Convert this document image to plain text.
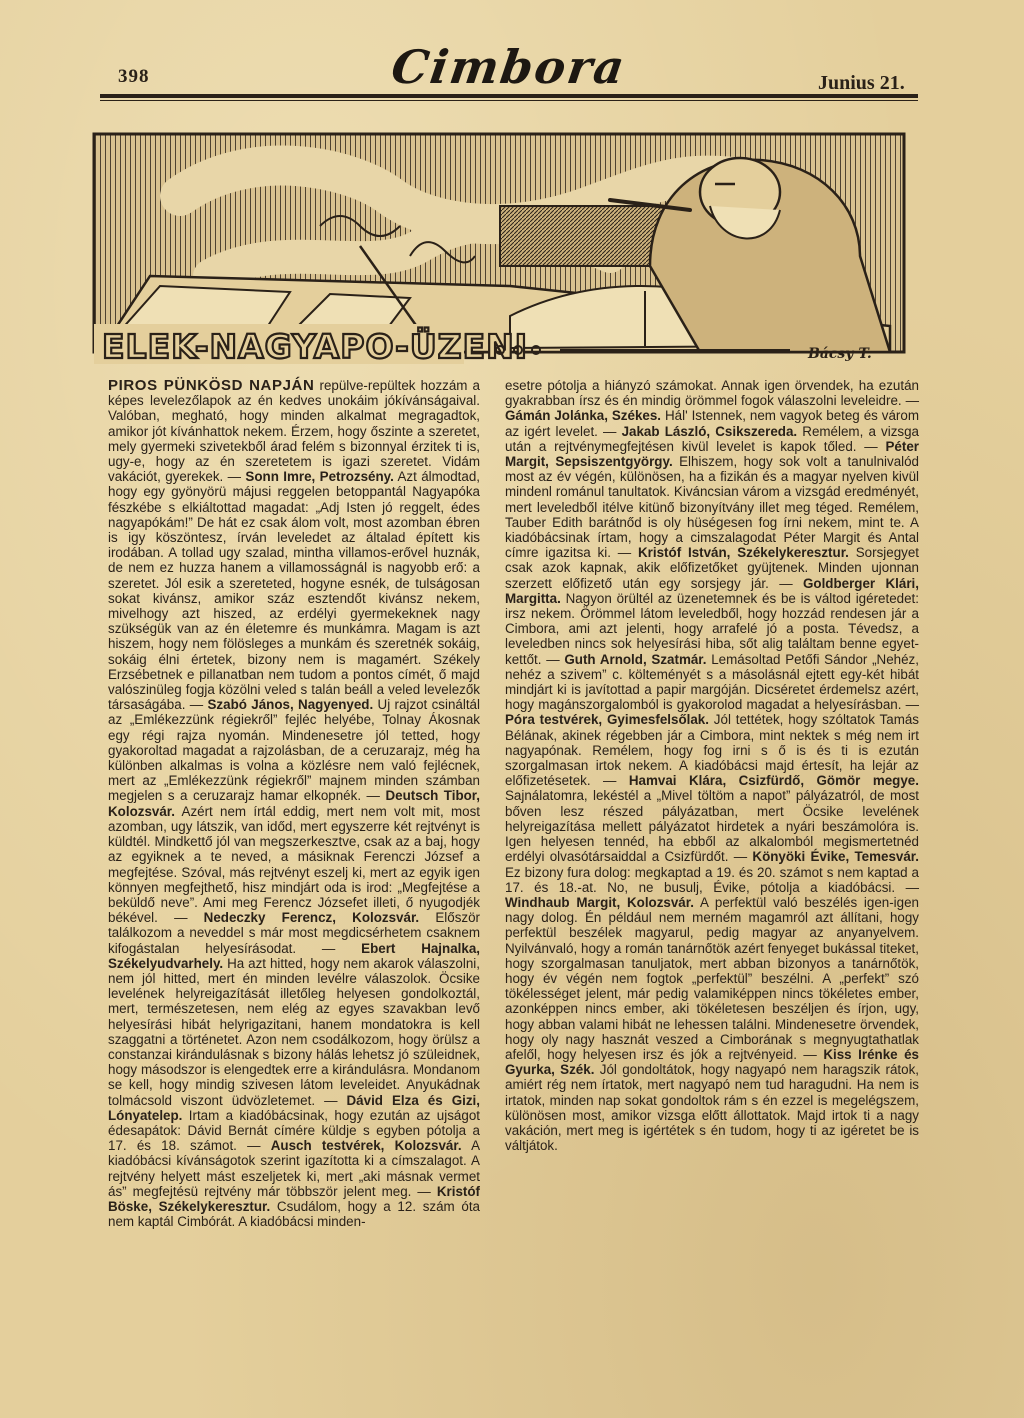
398	Cimbora	Junius 21.
ELEK-NAGYAPO-ÜZENI	Bácsy T.

PIROS PÜNKÖSD NAPJÁN repülve-repültek hozzám a képes levelezőlapok az én kedves unokáim jókívánságaival. Valóban, megható, hogy minden alkalmat megragadtok, amikor jót kívánhattok nekem. Érzem, hogy őszinte a szeretet, mely gyermeki szivetekből árad felém s bizonnyal érzitek ti is, ugy-e, hogy az én szeretetem is igazi szeretet. Vidám vakációt, gyerekek. — Sonn Imre, Petrozsény. Azt álmodtad, hogy egy gyönyörü májusi reggelen betoppantál Nagyapóka fészkébe s elkiáltottad magadat: „Adj Isten jó reggelt, édes nagyapókám!” De hát ez csak álom volt, most azomban ébren is igy köszöntesz, írván leveledet az általad épített kis irodában. A tollad ugy szalad, mintha villamos-erővel huznák, de nem ez huzza hanem a villamosságnál is nagyobb erő: a szeretet. Jól esik a szereteted, hogyne esnék, de tulságosan sokat kivánsz, amikor száz esztendőt kivánsz nekem, mivelhogy azt hiszed, az erdélyi gyermekeknek nagy szükségük van az én életemre és munkámra. Magam is azt hiszem, hogy nem fölösleges a munkám és szeretnék sokáig, sokáig élni értetek, bizony nem is magamért. Székely Erzsébetnek e pillanatban nem tudom a pontos címét, ő majd valószinüleg fogja közölni veled s talán beáll a veled levelezők társaságába. — Szabó János, Nagyenyed. Uj rajzot csináltál az „Emlékezzünk régiekről” fejléc helyébe, Tolnay Ákosnak egy régi rajza nyomán. Mindenesetre jól tetted, hogy gyakoroltad magadat a rajzolásban, de a ceruzarajz, még ha különben alkalmas is volna a közlésre nem való fejlécnek, mert az „Emlékezzünk régiekről” majnem minden számban megjelen s a ceruzarajz hamar elkopnék. — Deutsch Tibor, Kolozsvár. Azért nem írtál eddig, mert nem volt mit, most azomban, ugy látszik, van időd, mert egyszerre két rejtvényt is küldtél. Mindkettő jól van megszerkesztve, csak az a baj, hogy az egyiknek a te neved, a másiknak Ferenczi József a megfejtése. Szóval, más rejtvényt eszelj ki, mert az egyik igen könnyen megfejthető, hisz mindjárt oda is irod: „Megfejtése a beküldő neve”. Ami meg Ferencz Józsefet illeti, ő nyugodjék békével. — Nedeczky Ferencz, Kolozsvár. Először találkozom a neveddel s már most megdicsérhetem csaknem kifogástalan helyesírásodat. — Ebert Hajnalka, Székelyudvarhely. Ha azt hitted, hogy nem akarok válaszolni, nem jól hitted, mert én minden levélre válaszolok. Öcsike levelének helyreigazítását illetőleg helyesen gondolkoztál, mert, természetesen, nem elég az egyes szavakban levő helyesírási hibát helyrigazitani, hanem mondatokra is kell szaggatni a történetet. Azon nem csodálkozom, hogy örülsz a constanzai kirándulásnak s bizony hálás lehetsz jó szüleidnek, hogy másodszor is elengedtek erre a kirándulásra. Mondanom se kell, hogy mindig szivesen látom leveleidet. Anyukádnak tolmácsold viszont üdvözletemet. — Dávid Elza és Gizi, Lónyatelep. Irtam a kiadóbácsinak, hogy ezután az ujságot édesapátok: Dávid Bernát címére küldje s egyben pótolja a 17. és 18. számot. — Ausch testvérek, Kolozsvár. A kiadóbácsi kívánságotok szerint igazította ki a címszalagot. A rejtvény helyett mást eszeljetek ki, mert „aki másnak vermet ás” megfejtésü rejtvény már többször jelent meg. — Kristóf Böske, Székelykeresztur. Csudálom, hogy a 12. szám óta nem kaptál Cimbórát. A kiadóbácsi minden-

esetre pótolja a hiányzó számokat. Annak igen örvendek, ha ezután gyakrabban írsz és én mindig örömmel fogok válaszolni leveleidre. — Gámán Jolánka, Székes. Hál' Istennek, nem vagyok beteg és várom az igért levelet. — Jakab László, Csikszereda. Remélem, a vizsga után a rejtvénymegfejtésen kivül levelet is kapok tőled. — Péter Margit, Sepsiszentgyörgy. Elhiszem, hogy sok volt a tanulnivalód most az év végén, különösen, ha a fizikán és a magyar nyelven kivül mindenl románul tanultatok. Kiváncsian várom a vizsgád eredményét, mert leveledből itélve kitünő bizonyítvány illet meg téged. Remélem, Tauber Edith barátnőd is oly hüségesen fog írni nekem, mint te. A kiadóbácsinak írtam, hogy a cimszalagodat Péter Margit és Antal címre igazitsa ki. — Kristóf István, Székelykeresztur. Sorsjegyet csak azok kapnak, akik előfizetőket gyüjtenek. Minden ujonnan szerzett előfizető után egy sorsjegy jár. — Goldberger Klári, Margitta. Nagyon örültél az üzenetemnek és be is váltod igéretedet: irsz nekem. Örömmel látom leveledből, hogy hozzád rendesen jár a Cimbora, ami azt jelenti, hogy arrafelé jó a posta. Tévedsz, a leveledben nincs sok helyesírási hiba, sőt alig találtam benne egyet-kettőt. — Guth Arnold, Szatmár. Lemásoltad Petőfi Sándor „Nehéz, nehéz a szivem” c. költeményét s a másolásnál ejtett egy-két hibát mindjárt ki is javítottad a papir margóján. Dicséretet érdemelsz azért, hogy magánszorgalomból is gyakorolod magadat a helyesírásban. — Póra testvérek, Gyimesfelsőlak. Jól tettétek, hogy szóltatok Tamás Bélának, akinek régebben jár a Cimbora, mint nektek s még nem irt nagyapónak. Remélem, hogy fog irni s ő is és ti is ezután szorgalmasan irtok nekem. A kiadóbácsi majd értesít, ha lejár az előfizetésetek. — Hamvai Klára, Csizfürdő, Gömör megye. Sajnálatomra, lekéstél a „Mivel töltöm a napot” pályázatról, de most bőven lesz részed pályázatban, mert Öcsike levelének helyreigazítása mellett pályázatot hirdetek a nyári beszámolóra is. Igen helyesen tennéd, ha ebből az alkalomból megismertetnéd erdélyi olvasótársaiddal a Csizfürdőt. — Könyöki Évike, Temesvár. Ez bizony fura dolog: megkaptad a 19. és 20. számot s nem kaptad a 17. és 18.-at. No, ne busulj, Évike, pótolja a kiadóbácsi. — Windhaub Margit, Kolozsvár. A perfektül való beszélés igen-igen nagy dolog. Én például nem merném magamról azt állítani, hogy perfektül beszélek magyarul, pedig magyar az anyanyelvem. Nyilvánvaló, hogy a román tanárnőtök azért fenyeget bukással titeket, hogy szorgalmasan tanuljatok, mert abban bizonyos a tanárnőtök, hogy év végén nem fogtok „perfektül” beszélni. A „perfekt” szó tökélességet jelent, már pedig valamiképpen nincs tökéletes ember, azonképpen nincs ember, aki tökéletesen beszéljen és írjon, ugy, hogy abban valami hibát ne lehessen találni. Mindenesetre örvendek, hogy oly nagy hasznát veszed a Cimborának s megnyugtathatlak afelől, hogy helyesen irsz és jók a rejtvényeid. — Kiss Irénke és Gyurka, Szék. Jól gondoltátok, hogy nagyapó nem haragszik rátok, amiért rég nem írtatok, mert nagyapó nem tud haragudni. Ha nem is irtatok, minden nap sokat gondoltok rám s én ezzel is megelégszem, különösen most, amikor vizsga előtt állottatok. Majd irtok ti a nagy vakáción, mert meg is igértétek s én tudom, hogy ti az igéretet be is váltjátok.
